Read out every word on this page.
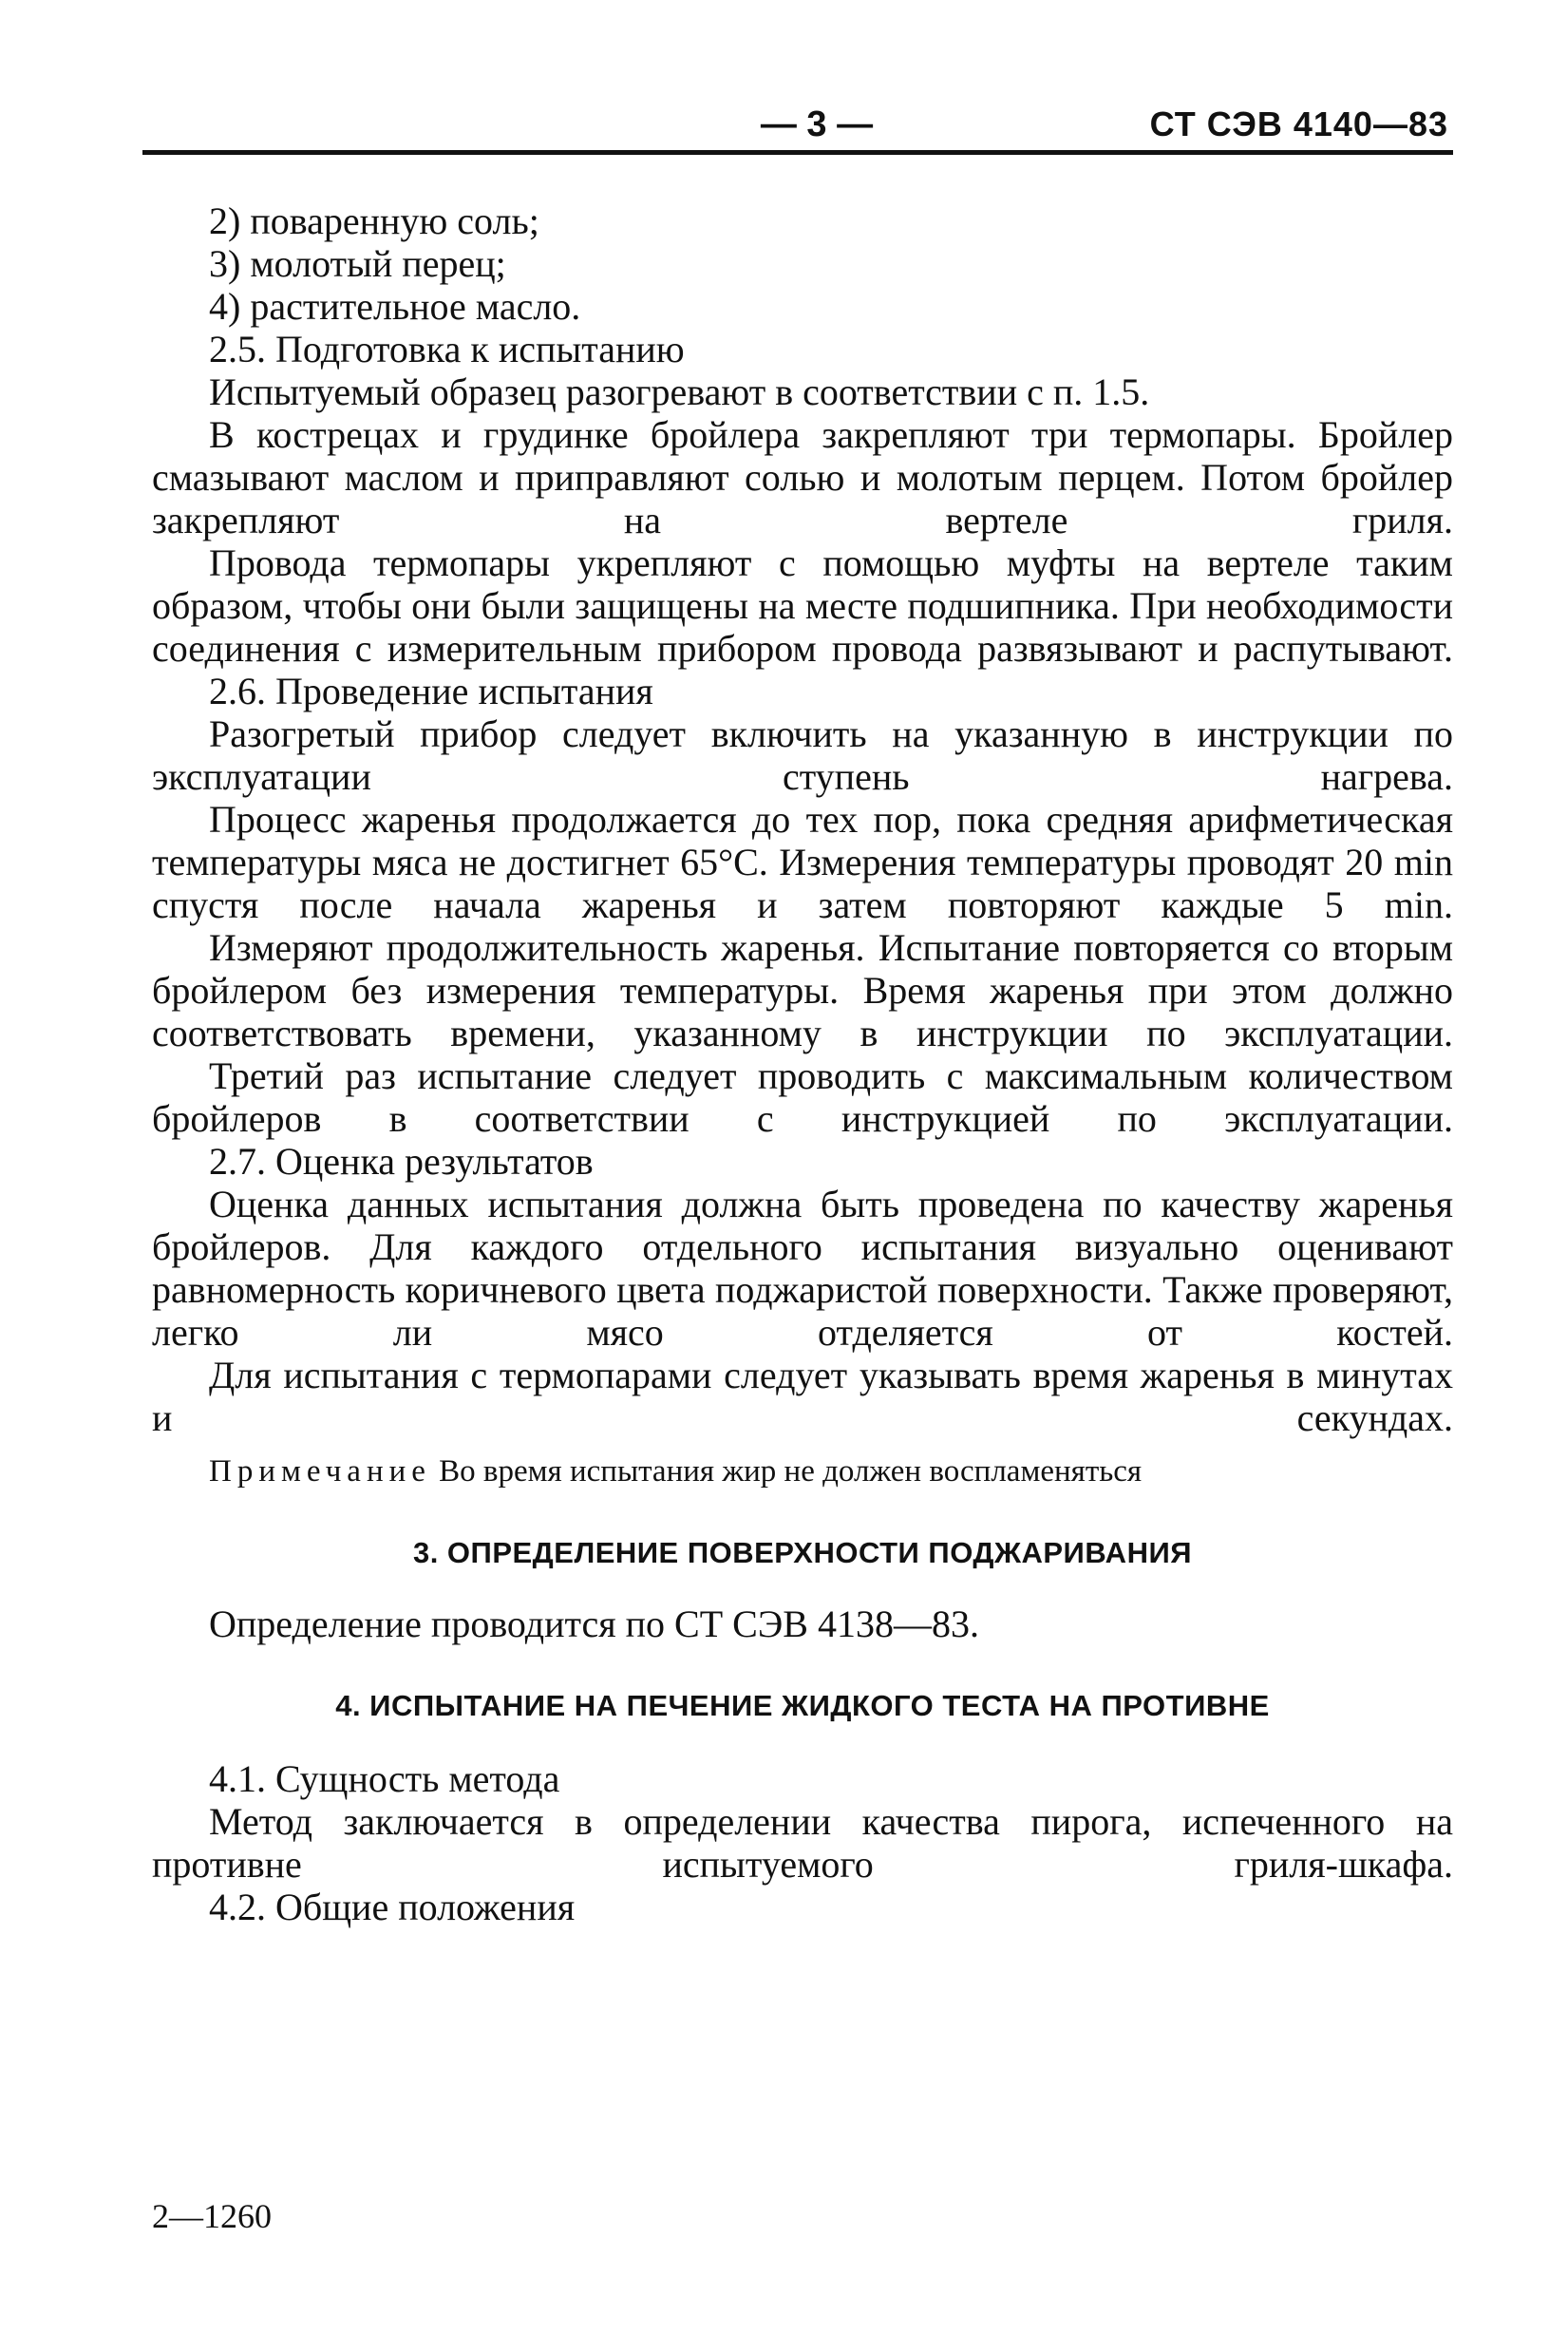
— 3 —	СТ СЭВ 4140—83

2) поваренную соль;

3) молотый перец;

4) растительное масло.

2.5. Подготовка к испытанию

Испытуемый образец разогревают в соответствии с п. 1.5.

В кострецах и грудинке бройлера закрепляют три термопары. Бройлер смазывают маслом и приправляют солью и молотым перцем. Потом бройлер закрепляют на вертеле гриля.

Провода термопары укрепляют с помощью муфты на вертеле таким образом, чтобы они были защищены на месте подшипника. При необходимости соединения с измерительным прибором провода развязывают и распутывают.

2.6. Проведение испытания

Разогретый прибор следует включить на указанную в инструкции по эксплуатации ступень нагрева.

Процесс жаренья продолжается до тех пор, пока средняя арифметическая температуры мяса не достигнет 65°С. Измерения температуры проводят 20 min спустя после начала жаренья и затем повторяют каждые 5 min.

Измеряют продолжительность жаренья. Испытание повторяется со вторым бройлером без измерения температуры. Время жаренья при этом должно соответствовать времени, указанному в инструкции по эксплуатации.

Третий раз испытание следует проводить с максимальным количеством бройлеров в соответствии с инструкцией по эксплуатации.

2.7. Оценка результатов

Оценка данных испытания должна быть проведена по качеству жаренья бройлеров. Для каждого отдельного испытания визуально оценивают равномерность коричневого цвета поджаристой поверхности. Также проверяют, легко ли мясо отделяется от костей.

Для испытания с термопарами следует указывать время жаренья в минутах и секундах.

Примечание Во время испытания жир не должен воспламеняться

3. ОПРЕДЕЛЕНИЕ ПОВЕРХНОСТИ ПОДЖАРИВАНИЯ

Определение проводится по СТ СЭВ 4138—83.

4. ИСПЫТАНИЕ НА ПЕЧЕНИЕ ЖИДКОГО ТЕСТА НА ПРОТИВНЕ

4.1. Сущность метода

Метод заключается в определении качества пирога, испеченного на противне испытуемого гриля-шкафа.

4.2. Общие положения

2—1260
